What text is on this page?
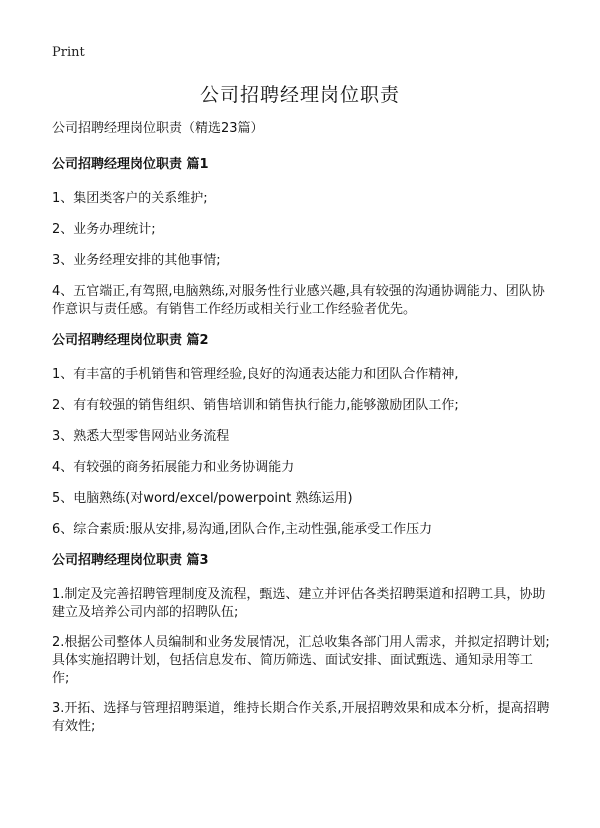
Print
公司招聘经理岗位职责

公司招聘经理岗位职责（精选23篇）

公司招聘经理岗位职责 篇1

1、集团类客户的关系维护;

2、业务办理统计;

3、业务经理安排的其他事情;

4、五官端正,有驾照,电脑熟练,对服务性行业感兴趣,具有较强的沟通协调能力、团队协作意识与责任感。有销售工作经历或相关行业工作经验者优先。

公司招聘经理岗位职责 篇2

1、有丰富的手机销售和管理经验,良好的沟通表达能力和团队合作精神,

2、有有较强的销售组织、销售培训和销售执行能力,能够激励团队工作;

3、熟悉大型零售网站业务流程

4、有较强的商务拓展能力和业务协调能力

5、电脑熟练(对word/excel/powerpoint 熟练运用)

6、综合素质:服从安排,易沟通,团队合作,主动性强,能承受工作压力

公司招聘经理岗位职责 篇3

1.制定及完善招聘管理制度及流程，甄选、建立并评估各类招聘渠道和招聘工具，协助建立及培养公司内部的招聘队伍;

2.根据公司整体人员编制和业务发展情况，汇总收集各部门用人需求，并拟定招聘计划;具体实施招聘计划，包括信息发布、简历筛选、面试安排、面试甄选、通知录用等工作;

3.开拓、选择与管理招聘渠道，维持长期合作关系,开展招聘效果和成本分析，提高招聘有效性;
